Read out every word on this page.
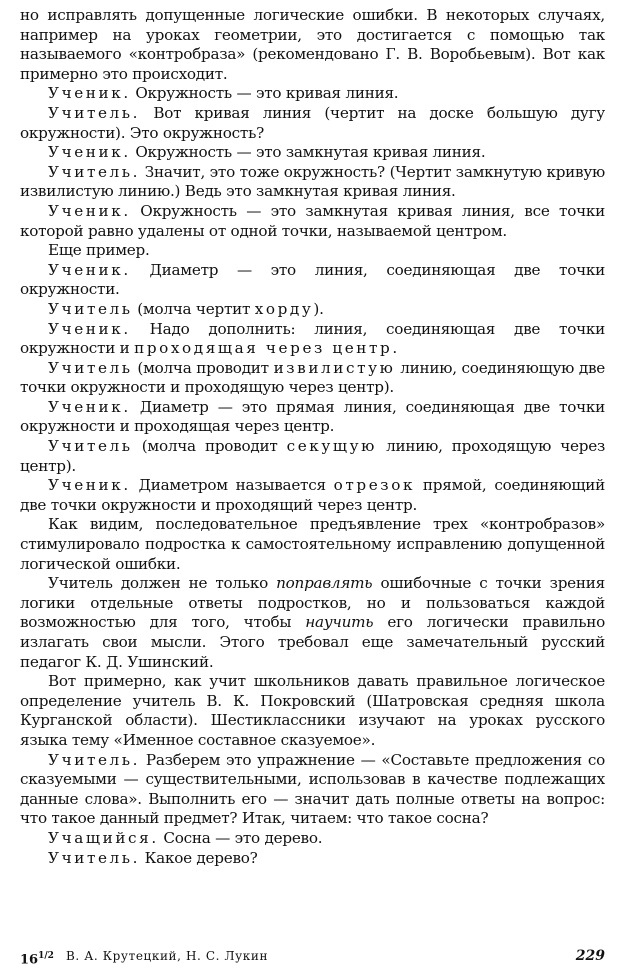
но исправлять допущенные логические ошибки. В некоторых случаях, например на уроках геометрии, это достигается с помощью так называемого «контробраза» (рекомендовано Г. В. Воробьевым). Вот как примерно это происходит.

Ученик. Окружность — это кривая линия.

Учитель. Вот кривая линия (чертит на доске большую дугу окружности). Это окружность?

Ученик. Окружность — это замкнутая кривая линия.

Учитель. Значит, это тоже окружность? (Чертит замкнутую кривую извилистую линию.) Ведь это замкнутая кривая линия.

Ученик. Окружность — это замкнутая кривая линия, все точки которой равно удалены от одной точки, называемой центром.

Еще пример.

Ученик. Диаметр — это линия, соединяющая две точки окружности.

Учитель (молча чертит хорду).

Ученик. Надо дополнить: линия, соединяющая две точки окружности и проходящая через центр.

Учитель (молча проводит извилистую линию, соединяющую две точки окружности и проходящую через центр).

Ученик. Диаметр — это прямая линия, соединяющая две точки окружности и проходящая через центр.

Учитель (молча проводит секущую линию, проходящую через центр).

Ученик. Диаметром называется отрезок прямой, соединяющий две точки окружности и проходящий через центр.

Как видим, последовательное предъявление трех «контробразов» стимулировало подростка к самостоятельному исправлению допущенной логической ошибки.

Учитель должен не только поправлять ошибочные с точки зрения логики отдельные ответы подростков, но и пользоваться каждой возможностью для того, чтобы научить его логически правильно излагать свои мысли. Этого требовал еще замечательный русский педагог К. Д. Ушинский.

Вот примерно, как учит школьников давать правильное логическое определение учитель В. К. Покровский (Шатровская средняя школа Курганской области). Шестиклассники изучают на уроках русского языка тему «Именное составное сказуемое».

Учитель. Разберем это упражнение — «Составьте предложения со сказуемыми — существительными, использовав в качестве подлежащих данные слова». Выполнить его — значит дать полные ответы на вопрос: что такое данный предмет? Итак, читаем: что такое сосна?

Учащийся. Сосна — это дерево.

Учитель. Какое дерево?

$16^{1/2}$ В. А. Крутецкий, Н. С. Лукин	229
